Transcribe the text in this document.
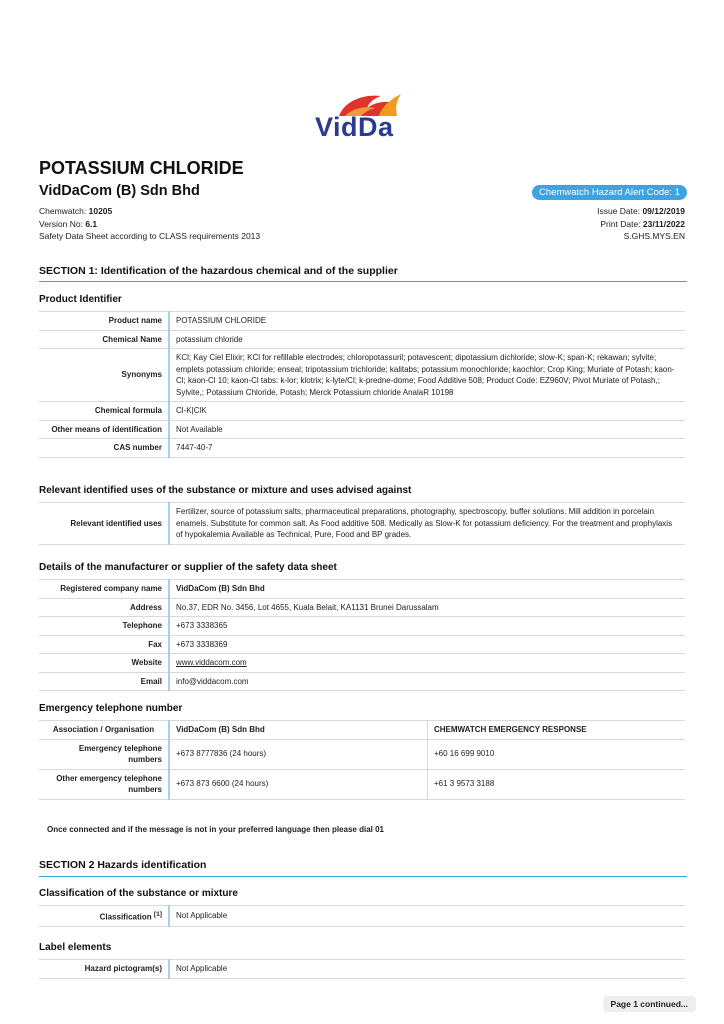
VidDa
POTASSIUM CHLORIDE
VidDaCom (B) Sdn Bhd	Chemwatch Hazard Alert Code: 1
Chemwatch: 10205
Version No: 6.1
Safety Data Sheet according to CLASS requirements 2013
Issue Date: 09/12/2019
Print Date: 23/11/2022
S.GHS.MYS.EN
SECTION 1: Identification of the hazardous chemical and of the supplier
Product Identifier
Product name	POTASSIUM CHLORIDE
Chemical Name	potassium chloride
Synonyms	KCl; Kay Ciel Elixir; KCl for refillable electrodes; chloropotassuril; potavescent; dipotassium dichloride; slow-K; span-K; rekawan; sylvite; emplets potassium chloride; enseal; tripotassium trichloride; kalitabs; potassium monochloride; kaochlor; Crop King; Muriate of Potash; kaon-Cl; kaon-Cl 10; kaon-Cl tabs: k-lor; klotrix; k-lyte/Cl; k-predne-dome; Food Additive 508; Product Code: EZ960V; Pivot Muriate of Potash,; Sylvite,; Potassium Chloride, Potash; Merck Potassium chloride AnalaR 10198
Chemical formula	Cl-K|ClK
Other means of identification	Not Available
CAS number	7447-40-7
Relevant identified uses of the substance or mixture and uses advised against
Relevant identified uses	Fertilizer, source of potassium salts, pharmaceutical preparations, photography, spectroscopy, buffer solutions. Mill addition in porcelain enamels. Substitute for common salt. As Food additive 508. Medically as Slow-K for potassium deficiency. For the treatment and prophylaxis of hypokalemia Available as Technical, Pure, Food and BP grades.
Details of the manufacturer or supplier of the safety data sheet
Registered company name	VidDaCom (B) Sdn Bhd
Address	No.37, EDR No. 3456, Lot 4655, Kuala Belait, KA1131 Brunei Darussalam
Telephone	+673 3338365
Fax	+673 3338369
Website	www.viddacom.com
Email	info@viddacom.com
Emergency telephone number
Association / Organisation	VidDaCom (B) Sdn Bhd	CHEMWATCH EMERGENCY RESPONSE
Emergency telephone numbers	+673 8777836 (24 hours)	+60 16 699 9010
Other emergency telephone numbers	+673 873 6600 (24 hours)	+61 3 9573 3188
Once connected and if the message is not in your preferred language then please dial 01
SECTION 2 Hazards identification
Classification of the substance or mixture
Classification [1]	Not Applicable
Label elements
Hazard pictogram(s)	Not Applicable
Page 1 continued...
